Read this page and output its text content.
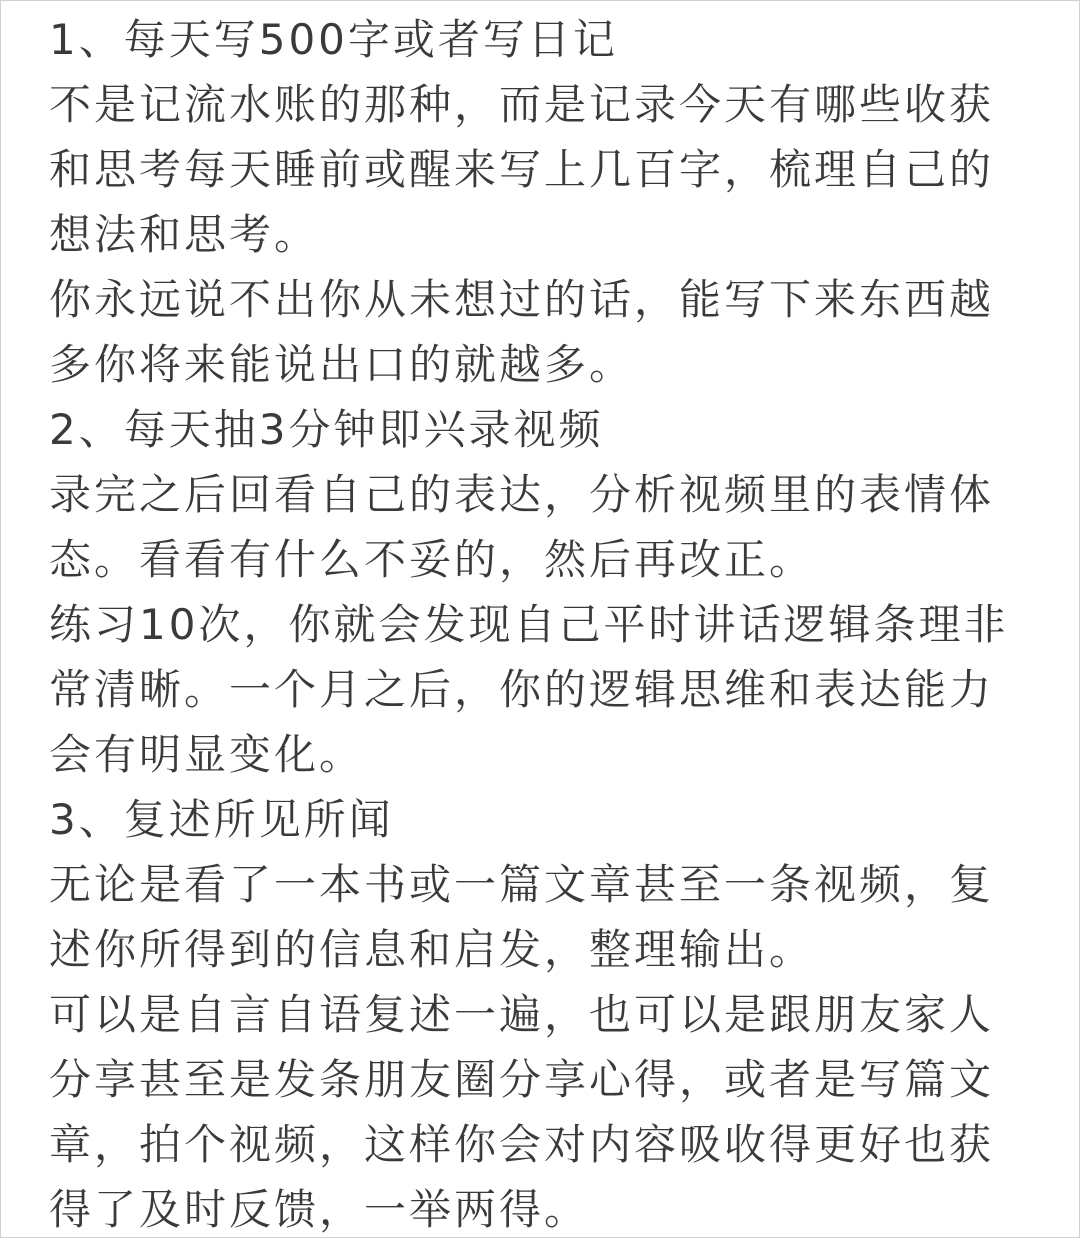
1、每天写500字或者写日记
不是记流水账的那种，而是记录今天有哪些收获
和思考每天睡前或醒来写上几百字，梳理自己的
想法和思考。
你永远说不出你从未想过的话，能写下来东西越
多你将来能说出口的就越多。
2、每天抽3分钟即兴录视频
录完之后回看自己的表达，分析视频里的表情体
态。看看有什么不妥的，然后再改正。
练习10次，你就会发现自己平时讲话逻辑条理非
常清晰。一个月之后，你的逻辑思维和表达能力
会有明显变化。
3、复述所见所闻
无论是看了一本书或一篇文章甚至一条视频，复
述你所得到的信息和启发，整理输出。
可以是自言自语复述一遍，也可以是跟朋友家人
分享甚至是发条朋友圈分享心得，或者是写篇文
章，拍个视频，这样你会对内容吸收得更好也获
得了及时反馈，一举两得。
